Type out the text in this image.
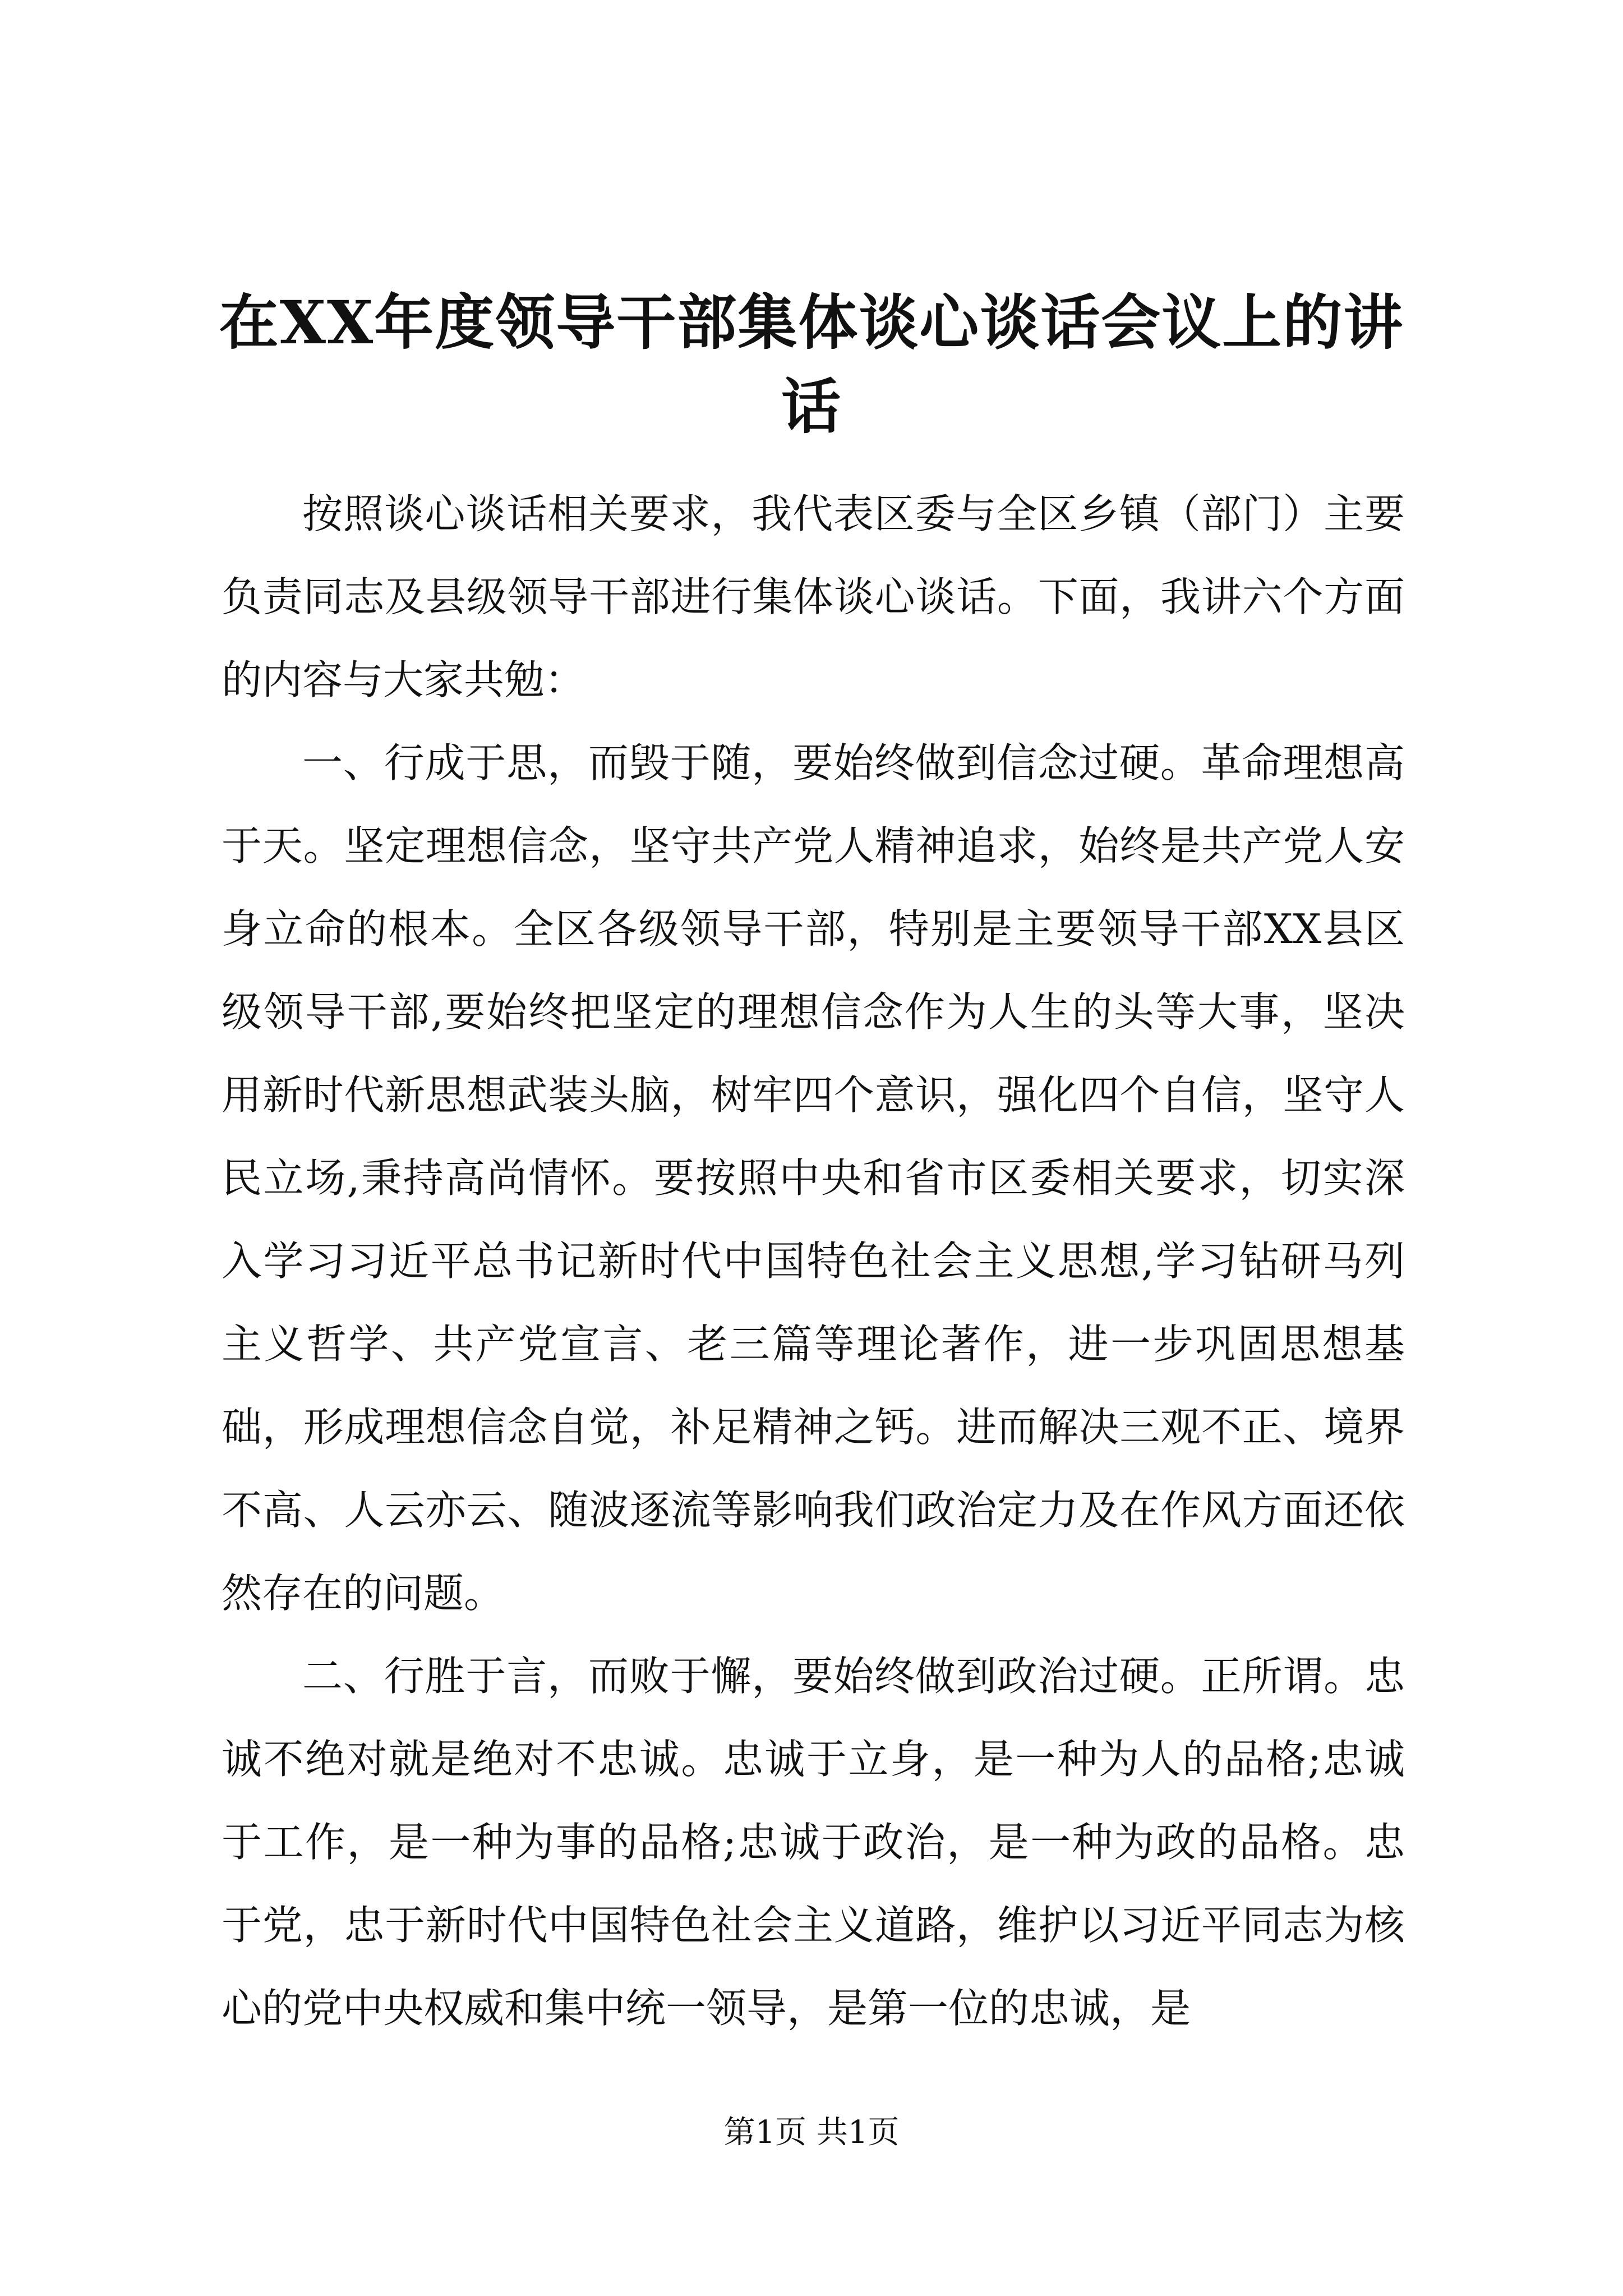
在XX年度领导干部集体谈心谈话会议上的讲
话

按照谈心谈话相关要求，我代表区委与全区乡镇（部门）主要负责同志及县级领导干部进行集体谈心谈话。下面，我讲六个方面的内容与大家共勉：

一、行成于思，而毁于随，要始终做到信念过硬。革命理想高于天。坚定理想信念，坚守共产党人精神追求，始终是共产党人安身立命的根本。全区各级领导干部，特别是主要领导干部XX县区级领导干部,要始终把坚定的理想信念作为人生的头等大事，坚决用新时代新思想武装头脑，树牢四个意识，强化四个自信，坚守人民立场,秉持高尚情怀。要按照中央和省市区委相关要求，切实深入学习习近平总书记新时代中国特色社会主义思想,学习钻研马列主义哲学、共产党宣言、老三篇等理论著作，进一步巩固思想基础，形成理想信念自觉，补足精神之钙。进而解决三观不正、境界不高、人云亦云、随波逐流等影响我们政治定力及在作风方面还依然存在的问题。

二、行胜于言，而败于懈，要始终做到政治过硬。正所谓。忠诚不绝对就是绝对不忠诚。忠诚于立身，是一种为人的品格;忠诚于工作，是一种为事的品格;忠诚于政治，是一种为政的品格。忠于党，忠于新时代中国特色社会主义道路，维护以习近平同志为核心的党中央权威和集中统一领导，是第一位的忠诚，是

第1页 共1页
